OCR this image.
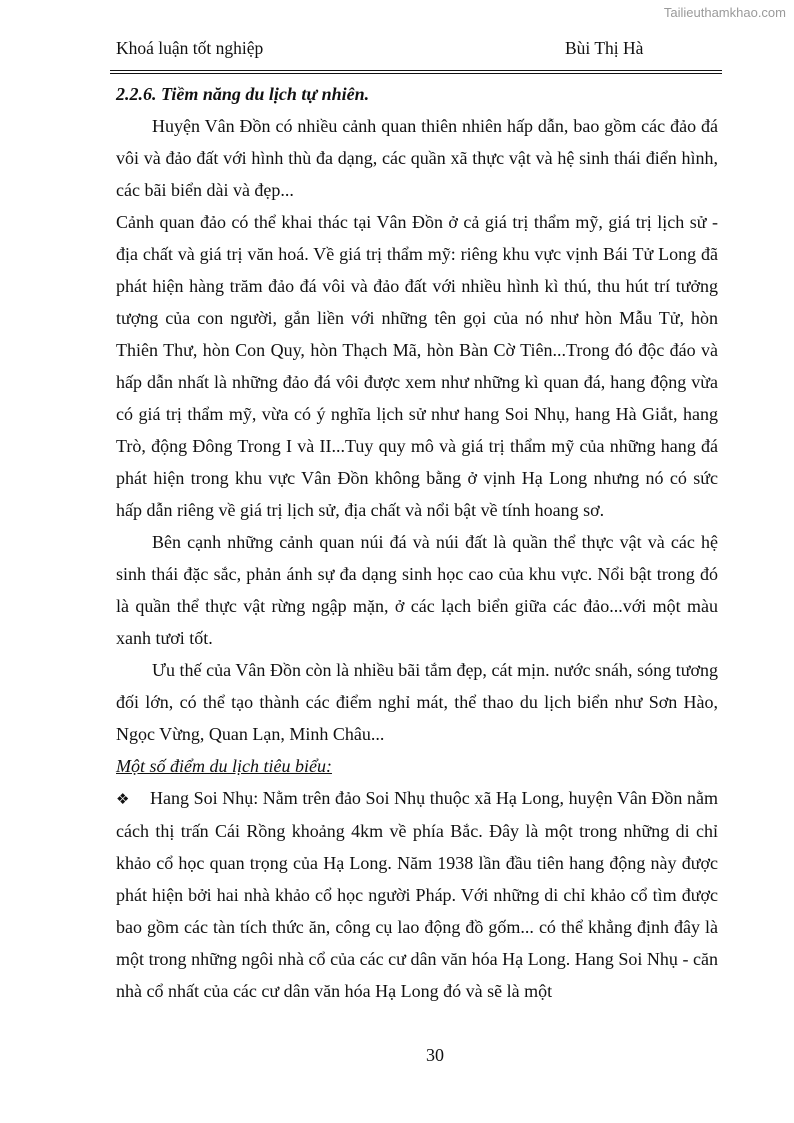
Tailieuthamkhao.com
Khoá luận tốt nghiệp	Bùi Thị Hà
2.2.6. Tiềm năng du lịch tự nhiên.

Huyện Vân Đồn có nhiều cảnh quan thiên nhiên hấp dẫn, bao gồm các đảo đá vôi và đảo đất với hình thù đa dạng, các quần xã thực vật và hệ sinh thái điển hình, các bãi biển dài và đẹp...

Cảnh quan đảo có thể khai thác tại Vân Đồn ở cả giá trị thẩm mỹ, giá trị lịch sử - địa chất và giá trị văn hoá. Về giá trị thẩm mỹ: riêng khu vực vịnh Bái Tử Long đã phát hiện hàng trăm đảo đá vôi và đảo đất với nhiều hình kì thú, thu hút trí tưởng tượng của con người, gắn liền với những tên gọi của nó như hòn Mẫu Tử, hòn Thiên Thư, hòn Con Quy, hòn Thạch Mã, hòn Bàn Cờ Tiên...Trong đó độc đáo và hấp dẫn nhất là những đảo đá vôi được xem như những kì quan đá, hang động vừa có giá trị thẩm mỹ, vừa có ý nghĩa lịch sử như hang Soi Nhụ, hang Hà Giắt, hang Trò, động Đông Trong I và II...Tuy quy mô và giá trị thẩm mỹ của những hang đá phát hiện trong khu vực Vân Đồn không bằng ở vịnh Hạ Long nhưng nó có sức hấp dẫn riêng về giá trị lịch sử, địa chất và nổi bật về tính hoang sơ.

Bên cạnh những cảnh quan núi đá và núi đất là quần thể thực vật và các hệ sinh thái đặc sắc, phản ánh sự đa dạng sinh học cao của khu vực. Nổi bật trong đó là quần thể thực vật rừng ngập mặn, ở các lạch biển giữa các đảo...với một màu xanh tươi tốt.

Ưu thế của Vân Đồn còn là nhiều bãi tắm đẹp, cát mịn. nước snáh, sóng tương đối lớn, có thể tạo thành các điểm nghỉ mát, thể thao du lịch biển như Sơn Hào, Ngọc Vừng, Quan Lạn, Minh Châu...

Một số điểm du lịch tiêu biểu:

❖ Hang Soi Nhụ: Nằm trên đảo Soi Nhụ thuộc xã Hạ Long, huyện Vân Đồn nằm cách thị trấn Cái Rồng khoảng 4km về phía Bắc. Đây là một trong những di chỉ khảo cổ học quan trọng của Hạ Long. Năm 1938 lần đầu tiên hang động này được phát hiện bởi hai nhà khảo cổ học người Pháp. Với những di chỉ khảo cổ tìm được bao gồm các tàn tích thức ăn, công cụ lao động đồ gốm... có thể khẳng định đây là một trong những ngôi nhà cổ của các cư dân văn hóa Hạ Long. Hang Soi Nhụ - căn nhà cổ nhất của các cư dân văn hóa Hạ Long đó và sẽ là một

30
